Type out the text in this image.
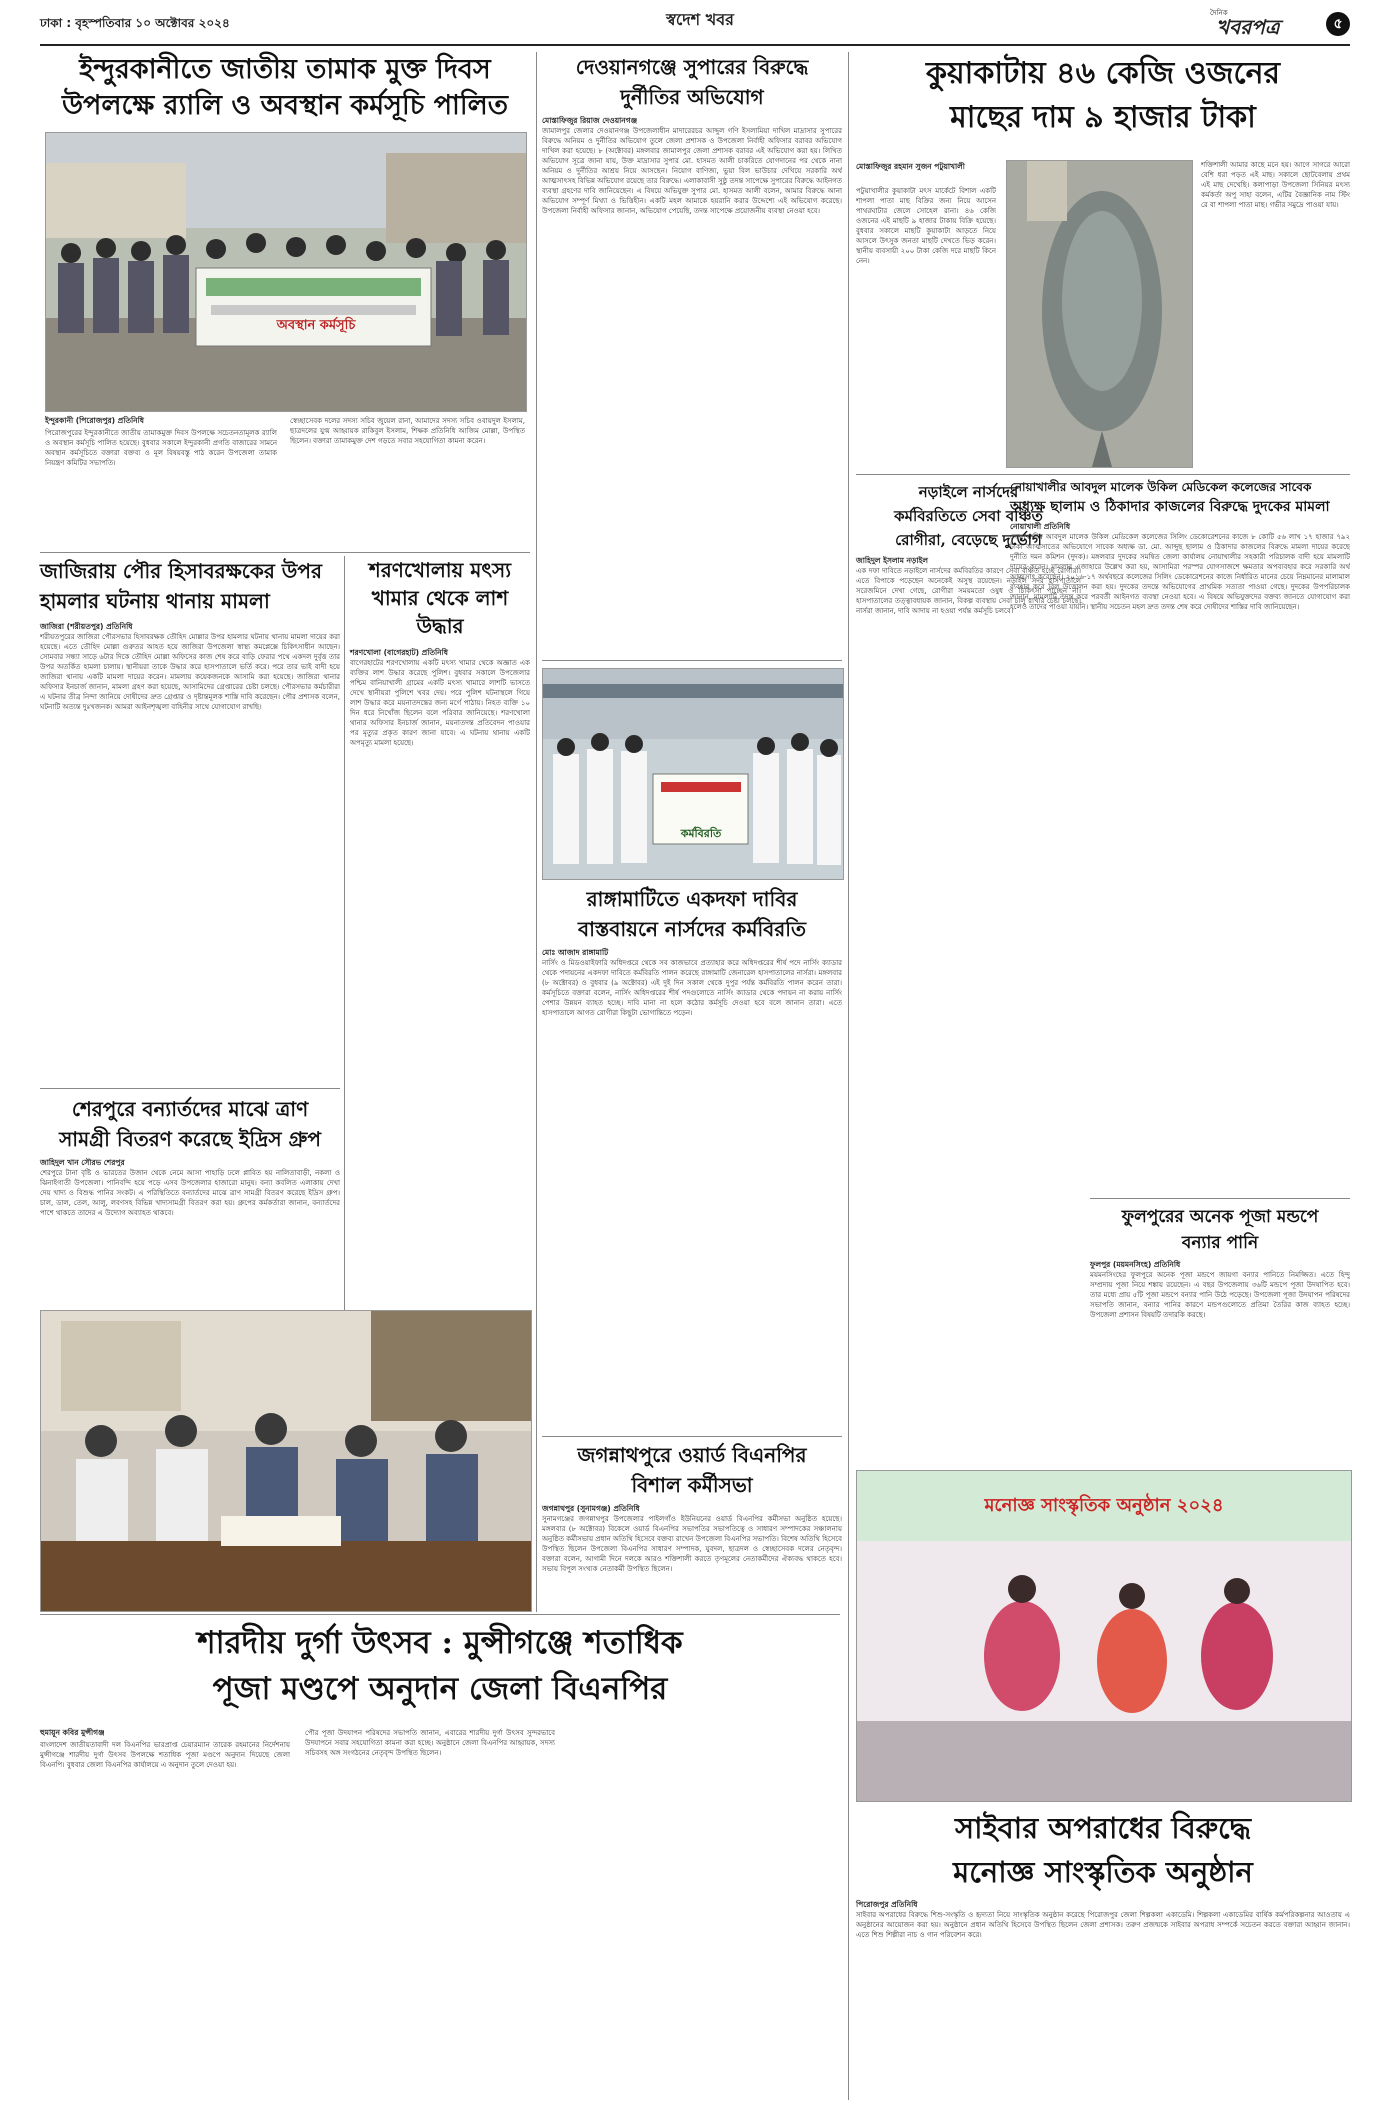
ঢাকা : বৃহস্পতিবার ১০ অক্টোবর ২০২৪	স্বদেশ খবর	দৈনিক
খবরপত্র	৫
ইন্দুরকানীতে জাতীয় তামাক মুক্ত দিবস
উপলক্ষে র‍্যালি ও অবস্থান কর্মসূচি পালিত
অবস্থান কর্মসূচি
ইন্দুরকানী (পিরোজপুর) প্রতিনিধি
পিরোজপুরের ইন্দুরকানীতে জাতীয় তামাকমুক্ত দিবস উপলক্ষে সচেতনতামূলক র‍্যালি ও অবস্থান কর্মসূচি পালিত হয়েছে। বুধবার সকালে ইন্দুরকানী প্রগতি বাজারের সামনে অবস্থান কর্মসূচিতে বক্তারা বক্তব্য ও মূল বিষয়বস্তু পাঠ করেন উপজেলা তামাক নিয়ন্ত্রণ কমিটির সভাপতি।
স্বেচ্ছাসেবক দলের সদস্য সচিব জুয়েল রানা, আমাদের সদস্য সচিব ওবায়দুল ইসলাম, ছাত্রদলের যুগ্ম আহ্বায়ক রাকিবুল ইসলাম, শিক্ষক প্রতিনিধি আজিম মোল্লা, উপস্থিত ছিলেন। বক্তারা তামাকমুক্ত দেশ গড়তে সবার সহযোগিতা কামনা করেন।
জাজিরায় পৌর হিসাবরক্ষকের উপর
হামলার ঘটনায় থানায় মামলা
জাজিরা (শরীয়তপুর) প্রতিনিধি
শরীয়তপুরের জাজিরা পৌরসভার হিসাবরক্ষক তৌহিদ মোল্লার উপর হামলার ঘটনায় থানায় মামলা দায়ের করা হয়েছে। এতে তৌহিদ মোল্লা গুরুতর আহত হয়ে জাজিরা উপজেলা স্বাস্থ্য কমপ্লেক্সে চিকিৎসাধীন আছেন। সোমবার সন্ধ্যা সাড়ে ৬টার দিকে তৌহিদ মোল্লা অফিসের কাজ শেষ করে বাড়ি ফেরার পথে একদল দুর্বৃত্ত তার উপর অতর্কিত হামলা চালায়। স্থানীয়রা তাকে উদ্ধার করে হাসপাতালে ভর্তি করে। পরে তার ভাই বাদী হয়ে জাজিরা থানায় একটি মামলা দায়ের করেন। মামলায় কয়েকজনকে আসামি করা হয়েছে। জাজিরা থানার অফিসার ইনচার্জ জানান, মামলা গ্রহণ করা হয়েছে, আসামিদের গ্রেপ্তারের চেষ্টা চলছে। পৌরসভার কর্মচারীরা এ ঘটনার তীব্র নিন্দা জানিয়ে দোষীদের দ্রুত গ্রেপ্তার ও দৃষ্টান্তমূলক শাস্তি দাবি করেছেন। পৌর প্রশাসক বলেন, ঘটনাটি অত্যন্ত দুঃখজনক। আমরা আইনশৃঙ্খলা বাহিনীর সাথে যোগাযোগ রাখছি।
শরণখোলায় মৎস্য খামার থেকে লাশ উদ্ধার
শরণখোলা (বাগেরহাট) প্রতিনিধি
বাগেরহাটের শরণখোলায় একটি মৎস্য খামার থেকে অজ্ঞাত এক ব্যক্তির লাশ উদ্ধার করেছে পুলিশ। বুধবার সকালে উপজেলার পশ্চিম বানিয়াখালী গ্রামের একটি মৎস্য খামারে লাশটি ভাসতে দেখে স্থানীয়রা পুলিশে খবর দেয়। পরে পুলিশ ঘটনাস্থলে গিয়ে লাশ উদ্ধার করে ময়নাতদন্তের জন্য মর্গে পাঠায়। নিহত ব্যক্তি ১০ দিন ধরে নিখোঁজ ছিলেন বলে পরিবার জানিয়েছে। শরণখোলা থানার অফিসার ইনচার্জ জানান, ময়নাতদন্ত প্রতিবেদন পাওয়ার পর মৃত্যুর প্রকৃত কারণ জানা যাবে। এ ঘটনায় থানায় একটি অপমৃত্যু মামলা হয়েছে।
শেরপুরে বন্যার্তদের মাঝে ত্রাণ
সামগ্রী বিতরণ করেছে ইদ্রিস গ্রুপ
জাহিদুল খান সৌরভ শেরপুর
শেরপুরে টানা বৃষ্টি ও ভারতের উজান থেকে নেমে আসা পাহাড়ি ঢলে প্লাবিত হয় নালিতাবাড়ী, নকলা ও ঝিনাইগাতী উপজেলা। পানিবন্দি হয়ে পড়ে এসব উপজেলার হাজারো মানুষ। বন্যা কবলিত এলাকায় দেখা দেয় খাদ্য ও বিশুদ্ধ পানির সংকট। এ পরিস্থিতিতে বন্যার্তদের মাঝে ত্রাণ সামগ্রী বিতরণ করেছে ইদ্রিস গ্রুপ। চাল, ডাল, তেল, আলু, লবণসহ বিভিন্ন খাদ্যসামগ্রী বিতরণ করা হয়। গ্রুপের কর্মকর্তারা জানান, বন্যার্তদের পাশে থাকতে তাদের এ উদ্যোগ অব্যাহত থাকবে।
শারদীয় দুর্গা উৎসব : মুন্সীগঞ্জে শতাধিক
পূজা মণ্ডপে অনুদান জেলা বিএনপির
হুমায়ূন কবির মুন্সীগঞ্জ
বাংলাদেশ জাতীয়তাবাদী দল বিএনপির ভারপ্রাপ্ত চেয়ারম্যান তারেক রহমানের নির্দেশনায় মুন্সীগঞ্জে শারদীয় দুর্গা উৎসব উপলক্ষে শতাধিক পূজা মণ্ডপে অনুদান দিয়েছে জেলা বিএনপি। বুধবার জেলা বিএনপির কার্যালয়ে এ অনুদান তুলে দেওয়া হয়।
পৌর পূজা উদযাপন পরিষদের সভাপতি জানান, এবারের শারদীয় দুর্গা উৎসব সুন্দরভাবে উদযাপনে সবার সহযোগিতা কামনা করা হচ্ছে। অনুষ্ঠানে জেলা বিএনপির আহ্বায়ক, সদস্য সচিবসহ অঙ্গ সংগঠনের নেতৃবৃন্দ উপস্থিত ছিলেন।
দেওয়ানগঞ্জে সুপারের বিরুদ্ধে
দুর্নীতির অভিযোগ
মোস্তাফিজুর রিয়াজ দেওয়ানগঞ্জ
জামালপুর জেলার দেওয়ানগঞ্জ উপজেলাধীন মাদারেরচর আব্দুল গণি ইসলামিয়া দাখিল মাদ্রাসার সুপারের বিরুদ্ধে অনিয়ম ও দুর্নীতির অভিযোগ তুলে জেলা প্রশাসক ও উপজেলা নির্বাহী অফিসার বরাবর অভিযোগ দাখিল করা হয়েছে। ৮ (অক্টোবর) মঙ্গলবার জামালপুর জেলা প্রশাসক বরাবর এই অভিযোগ করা হয়। লিখিত অভিযোগ সূত্রে জানা যায়, উক্ত মাদ্রাসার সুপার মো. হাসমত আলী চাকরিতে যোগদানের পর থেকে নানা অনিয়ম ও দুর্নীতির আশ্রয় নিয়ে আসছেন। নিয়োগ বাণিজ্য, ভুয়া বিল ভাউচার দেখিয়ে সরকারি অর্থ আত্মসাৎসহ বিভিন্ন অভিযোগ রয়েছে তার বিরুদ্ধে। এলাকাবাসী সুষ্ঠু তদন্ত সাপেক্ষে সুপারের বিরুদ্ধে আইনগত ব্যবস্থা গ্রহণের দাবি জানিয়েছেন। এ বিষয়ে অভিযুক্ত সুপার মো. হাসমত আলী বলেন, আমার বিরুদ্ধে আনা অভিযোগ সম্পূর্ণ মিথ্যা ও ভিত্তিহীন। একটি মহল আমাকে হয়রানি করার উদ্দেশ্যে এই অভিযোগ করেছে। উপজেলা নির্বাহী অফিসার জানান, অভিযোগ পেয়েছি, তদন্ত সাপেক্ষে প্রয়োজনীয় ব্যবস্থা নেওয়া হবে।
কর্মবিরতি
রাঙ্গামাটিতে একদফা দাবির
বাস্তবায়নে নার্সদের কর্মবিরতি
মোঃ আজাদ রাঙ্গামাটি
নার্সিং ও মিডওয়াইফারি অধিদপ্তরে থেকে সব কাজভাবে প্রত্যাহার করে অধিদপ্তরের শীর্ষ পদে নার্সিং ক্যাডার থেকে পদায়নের একদফা দাবিতে কর্মবিরতি পালন করেছে রাঙ্গামাটি জেনারেল হাসপাতালের নার্সরা। মঙ্গলবার (৮ অক্টোবর) ও বুধবার (৯ অক্টোবর) এই দুই দিন সকাল থেকে দুপুর পর্যন্ত কর্মবিরতি পালন করেন তারা। কর্মসূচিতে বক্তারা বলেন, নার্সিং অধিদপ্তরের শীর্ষ পদগুলোতে নার্সিং ক্যাডার থেকে পদায়ন না করায় নার্সিং পেশার উন্নয়ন ব্যাহত হচ্ছে। দাবি মানা না হলে কঠোর কর্মসূচি দেওয়া হবে বলে জানান তারা। এতে হাসপাতালে আগত রোগীরা কিছুটা ভোগান্তিতে পড়েন।
জগন্নাথপুরে ওয়ার্ড বিএনপির
বিশাল কর্মীসভা
জগন্নাথপুর (সুনামগঞ্জ) প্রতিনিধি
সুনামগঞ্জের জগন্নাথপুর উপজেলার পাইলগাঁও ইউনিয়নের ওয়ার্ড বিএনপির কর্মীসভা অনুষ্ঠিত হয়েছে। মঙ্গলবার (৮ অক্টোবর) বিকেলে ওয়ার্ড বিএনপির সভাপতির সভাপতিত্বে ও সাধারণ সম্পাদকের সঞ্চালনায় অনুষ্ঠিত কর্মীসভায় প্রধান অতিথি হিসেবে বক্তব্য রাখেন উপজেলা বিএনপির সভাপতি। বিশেষ অতিথি হিসেবে উপস্থিত ছিলেন উপজেলা বিএনপির সাধারণ সম্পাদক, যুবদল, ছাত্রদল ও স্বেচ্ছাসেবক দলের নেতৃবৃন্দ। বক্তারা বলেন, আগামী দিনে দলকে আরও শক্তিশালী করতে তৃণমূলের নেতাকর্মীদের ঐক্যবদ্ধ থাকতে হবে। সভায় বিপুল সংখ্যক নেতাকর্মী উপস্থিত ছিলেন।
কুয়াকাটায় ৪৬ কেজি ওজনের
মাছের দাম ৯ হাজার টাকা
মোস্তাফিজুর রহমান সুজন পটুয়াখালী
পটুয়াখালীর কুয়াকাটা মৎস মার্কেটে বিশাল একটি শাপলা পাতা মাছ বিক্রির জন্য নিয়ে আসেন পাথরঘাটার জেলে সোহেল রানা। ৪৬ কেজি ওজনের এই মাছটি ৯ হাজার টাকায় বিক্রি হয়েছে। বুধবার সকালে মাছটি কুয়াকাটা আড়তে নিয়ে আসলে উৎসুক জনতা মাছটি দেখতে ভিড় করেন। স্থানীয় ব্যবসায়ী ২০০ টাকা কেজি দরে মাছটি কিনে নেন।
শক্তিশালী আমার কাছে মনে হয়। আগে সাগরে আরো বেশি ধরা পড়ত এই মাছ। সকালে ছোটবেলায় প্রথম এই মাছ দেখেছি। কলাপাড়া উপজেলা সিনিয়র মৎস্য কর্মকর্তা অপু সাহা বলেন, এটির বৈজ্ঞানিক নাম স্টিং রে বা শাপলা পাতা মাছ। গভীর সমুদ্রে পাওয়া যায়।
নড়াইলে নার্সদের
কর্মবিরতিতে সেবা বঞ্চিত
রোগীরা, বেড়েছে দুর্ভোগ
জাহিদুল ইসলাম নড়াইল
এক দফা দাবিতে নড়াইলে নার্সদের কর্মবিরতির কারণে সেবা বঞ্চিত হচ্ছে রোগীরা। এতে বিপাকে পড়েছেন অনেকেই অসুস্থ রয়েছেন। নড়াইল সদর হাসপাতালে সরেজমিনে দেখা গেছে, রোগীরা সময়মতো ওষুধ ও চিকিৎসা পাচ্ছেন না। হাসপাতালের তত্ত্বাবধায়ক জানান, বিকল্প ব্যবস্থায় সেবা চালু রাখার চেষ্টা চলছে। নার্সরা জানান, দাবি আদায় না হওয়া পর্যন্ত কর্মসূচি চলবে।
নোয়াখালীর আবদুল মালেক উকিল মেডিকেল কলেজের সাবেক
অধ্যক্ষ ছালাম ও ঠিকাদার কাজলের বিরুদ্ধে দুদকের মামলা
নোয়াখালী প্রতিনিধি
নোয়াখালীর আবদুল মালেক উকিল মেডিকেল কলেজের সিলিং ডেকোরেশনের কাজে ৮ কোটি ৫৬ লাখ ১৭ হাজার ৭৯২ টাকা আত্মসাতের অভিযোগে সাবেক অধ্যক্ষ ডা. মো. আব্দুছ ছালাম ও ঠিকাদার কাজলের বিরুদ্ধে মামলা দায়ের করেছে দুর্নীতি দমন কমিশন (দুদক)। মঙ্গলবার দুদকের সমন্বিত জেলা কার্যালয় নোয়াখালীর সহকারী পরিচালক বাদী হয়ে মামলাটি দায়ের করেন। মামলার এজাহারে উল্লেখ করা হয়, আসামিরা পরস্পর যোগসাজশে ক্ষমতার অপব্যবহার করে সরকারি অর্থ আত্মসাৎ করেছেন। ২০১৬-১৭ অর্থবছরে কলেজের সিলিং ডেকোরেশনের কাজে নির্ধারিত মানের চেয়ে নিম্নমানের মালামাল ব্যবহার করে বিল উত্তোলন করা হয়। দুদকের তদন্তে অভিযোগের প্রাথমিক সত্যতা পাওয়া গেছে। দুদকের উপপরিচালক জানান, মামলাটি তদন্ত করে পরবর্তী আইনগত ব্যবস্থা নেওয়া হবে। এ বিষয়ে অভিযুক্তদের বক্তব্য জানতে যোগাযোগ করা হলেও তাদের পাওয়া যায়নি। স্থানীয় সচেতন মহল দ্রুত তদন্ত শেষ করে দোষীদের শাস্তির দাবি জানিয়েছেন।
ফুলপুরের অনেক পূজা মন্ডপে
বন্যার পানি
ফুলপুর (ময়মনসিংহ) প্রতিনিধি
ময়মনসিংহের ফুলপুরে অনেক পূজা মন্ডপে জায়গা বন্যার পানিতে নিমজ্জিত। এতে হিন্দু সম্প্রদায় পূজা নিয়ে শঙ্কায় রয়েছেন। এ বছর উপজেলায় ৩৬টি মন্ডপে পূজা উদযাপিত হবে। তার মধ্যে প্রায় ৫টি পূজা মন্ডপে বন্যার পানি উঠে পড়েছে। উপজেলা পূজা উদযাপন পরিষদের সভাপতি জানান, বন্যার পানির কারণে মন্ডপগুলোতে প্রতিমা তৈরির কাজ ব্যাহত হচ্ছে। উপজেলা প্রশাসন বিষয়টি তদারকি করছে।
মনোজ্ঞ সাংস্কৃতিক অনুষ্ঠান ২০২৪
সাইবার অপরাধের বিরুদ্ধে
মনোজ্ঞ সাংস্কৃতিক অনুষ্ঠান
পিরোজপুর প্রতিনিধি
সাইবার অপরাধের বিরুদ্ধে শিশু-সংস্কৃতি ও হৃদ্যতা নিয়ে সাংস্কৃতিক অনুষ্ঠান করেছে পিরোজপুর জেলা শিল্পকলা একাডেমি। শিল্পকলা একাডেমির বার্ষিক কর্মপরিকল্পনার আওতায় এ অনুষ্ঠানের আয়োজন করা হয়। অনুষ্ঠানে প্রধান অতিথি হিসেবে উপস্থিত ছিলেন জেলা প্রশাসক। তরুণ প্রজন্মকে সাইবার অপরাধ সম্পর্কে সচেতন করতে বক্তারা আহ্বান জানান। এতে শিশু শিল্পীরা নাচ ও গান পরিবেশন করে।
